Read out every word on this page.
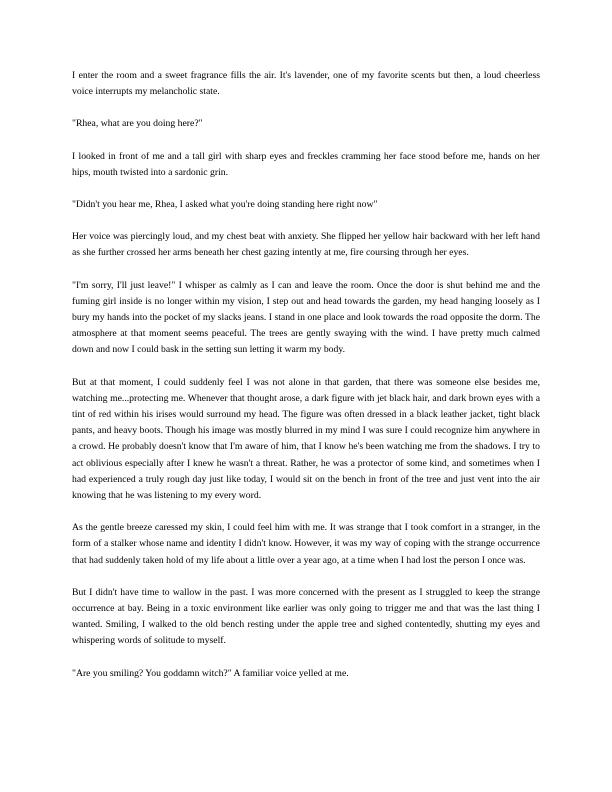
I enter the room and a sweet fragrance fills the air. It's lavender, one of my favorite scents but then, a loud cheerless voice interrupts my melancholic state.

"Rhea, what are you doing here?"

I looked in front of me and a tall girl with sharp eyes and freckles cramming her face stood before me, hands on her hips, mouth twisted into a sardonic grin.

"Didn't you hear me, Rhea, I asked what you're doing standing here right now"

Her voice was piercingly loud, and my chest beat with anxiety. She flipped her yellow hair backward with her left hand as she further crossed her arms beneath her chest gazing intently at me, fire coursing through her eyes.

"I'm sorry, I'll just leave!" I whisper as calmly as I can and leave the room. Once the door is shut behind me and the fuming girl inside is no longer within my vision, I step out and head towards the garden, my head hanging loosely as I bury my hands into the pocket of my slacks jeans. I stand in one place and look towards the road opposite the dorm. The atmosphere at that moment seems peaceful. The trees are gently swaying with the wind. I have pretty much calmed down and now I could bask in the setting sun letting it warm my body.

But at that moment, I could suddenly feel I was not alone in that garden, that there was someone else besides me, watching me...protecting me. Whenever that thought arose, a dark figure with jet black hair, and dark brown eyes with a tint of red within his irises would surround my head. The figure was often dressed in a black leather jacket, tight black pants, and heavy boots. Though his image was mostly blurred in my mind I was sure I could recognize him anywhere in a crowd. He probably doesn't know that I'm aware of him, that I know he's been watching me from the shadows. I try to act oblivious especially after I knew he wasn't a threat. Rather, he was a protector of some kind, and sometimes when I had experienced a truly rough day just like today, I would sit on the bench in front of the tree and just vent into the air knowing that he was listening to my every word.

As the gentle breeze caressed my skin, I could feel him with me. It was strange that I took comfort in a stranger, in the form of a stalker whose name and identity I didn't know. However, it was my way of coping with the strange occurrence that had suddenly taken hold of my life about a little over a year ago, at a time when I had lost the person I once was.

But I didn't have time to wallow in the past. I was more concerned with the present as I struggled to keep the strange occurrence at bay. Being in a toxic environment like earlier was only going to trigger me and that was the last thing I wanted. Smiling, I walked to the old bench resting under the apple tree and sighed contentedly, shutting my eyes and whispering words of solitude to myself.

"Are you smiling? You goddamn witch?" A familiar voice yelled at me.
